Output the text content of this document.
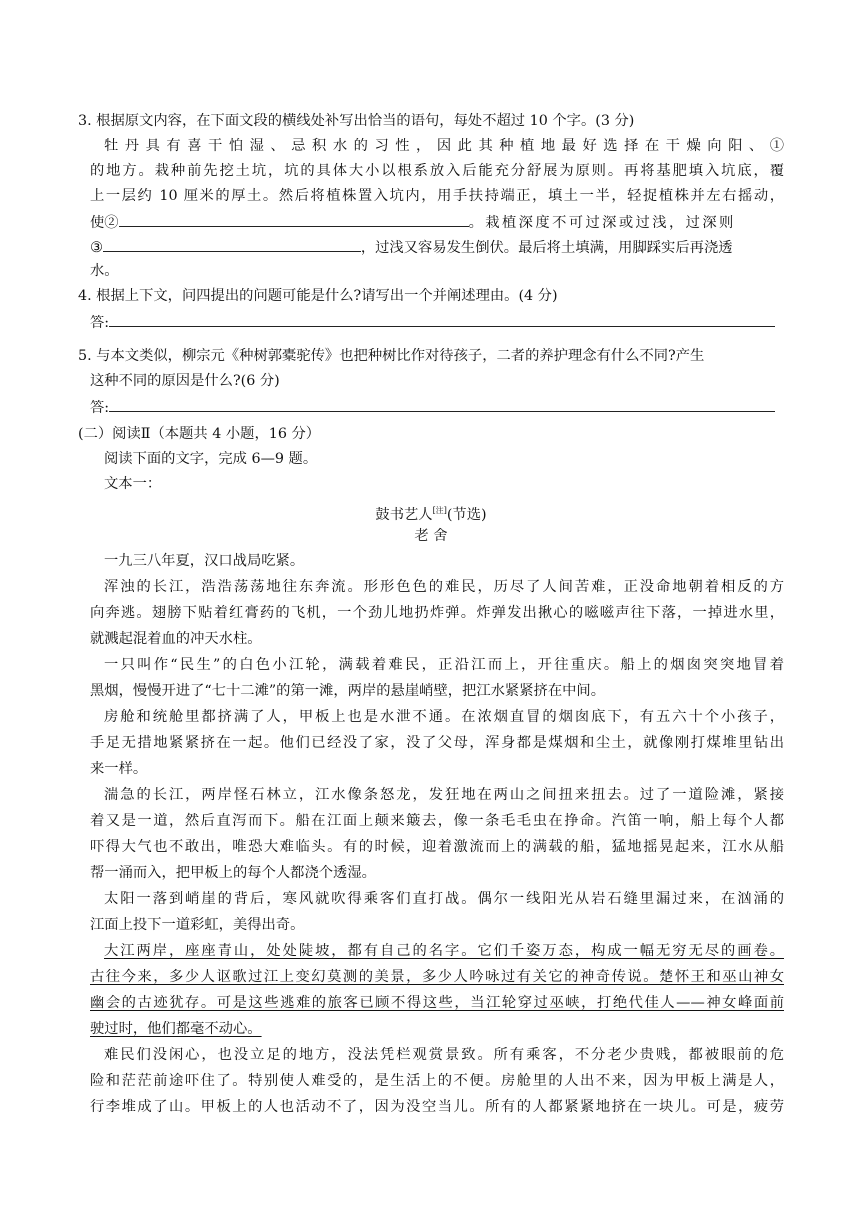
3. 根据原文内容，在下面文段的横线处补写出恰当的语句，每处不超过 10 个字。(3 分)
牡丹具有喜干怕湿、忌积水的习性，因此其种植地最好选择在干燥向阳、①
的地方。栽种前先挖土坑，坑的具体大小以根系放入后能充分舒展为原则。再将基肥填入坑底，覆
上一层约 10 厘米的厚土。然后将植株置入坑内，用手扶持端正，填土一半，轻捉植株并左右摇动，
使②	。栽植深度不可过深或过浅，过深则
③	，过浅又容易发生倒伏。最后将土填满，用脚踩实后再浇透
水。
4. 根据上下文，问四提出的问题可能是什么?请写出一个并阐述理由。(4 分)
答:
5. 与本文类似，柳宗元《种树郭橐驼传》也把种树比作对待孩子，二者的养护理念有什么不同?产生
这种不同的原因是什么?(6 分)
答:
(二）阅读Ⅱ（本题共 4 小题，16 分）
阅读下面的文字，完成 6—9 题。
文本一：
鼓书艺人[注](节选)
老 舍
一九三八年夏，汉口战局吃紧。
浑浊的长江，浩浩荡荡地往东奔流。形形色色的难民，历尽了人间苦难，正没命地朝着相反的方
向奔逃。翅膀下贴着红膏药的飞机，一个劲儿地扔炸弹。炸弹发出揪心的嗞嗞声往下落，一掉进水里，
就溅起混着血的冲天水柱。
一只叫作“民生”的白色小江轮，满载着难民，正沿江而上，开往重庆。船上的烟囱突突地冒着
黑烟，慢慢开进了“七十二滩”的第一滩，两岸的悬崖峭壁，把江水紧紧挤在中间。
房舱和统舱里都挤满了人，甲板上也是水泄不通。在浓烟直冒的烟囱底下，有五六十个小孩子，
手足无措地紧紧挤在一起。他们已经没了家，没了父母，浑身都是煤烟和尘土，就像刚打煤堆里钻出
来一样。
湍急的长江，两岸怪石林立，江水像条怒龙，发狂地在两山之间扭来扭去。过了一道险滩，紧接
着又是一道，然后直泻而下。船在江面上颠来簸去，像一条毛毛虫在挣命。汽笛一响，船上每个人都
吓得大气也不敢出，唯恐大难临头。有的时候，迎着激流而上的满载的船，猛地摇晃起来，江水从船
帮一涌而入，把甲板上的每个人都浇个透湿。
太阳一落到峭崖的背后，寒风就吹得乘客们直打战。偶尔一线阳光从岩石缝里漏过来，在汹涌的
江面上投下一道彩虹，美得出奇。
大江两岸，座座青山，处处陡坡，都有自己的名字。它们千姿万态，构成一幅无穷无尽的画卷。
古往今来，多少人讴歌过江上变幻莫测的美景，多少人吟咏过有关它的神奇传说。楚怀王和巫山神女
幽会的古迹犹存。可是这些逃难的旅客已顾不得这些，当江轮穿过巫峡，打绝代佳人——神女峰面前
驶过时，他们都毫不动心。
难民们没闲心，也没立足的地方，没法凭栏观赏景致。所有乘客，不分老少贵贱，都被眼前的危
险和茫茫前途吓住了。特别使人难受的，是生活上的不便。房舱里的人出不来，因为甲板上满是人，
行李堆成了山。甲板上的人也活动不了，因为没空当儿。所有的人都紧紧地挤在一块儿。可是，疲劳
